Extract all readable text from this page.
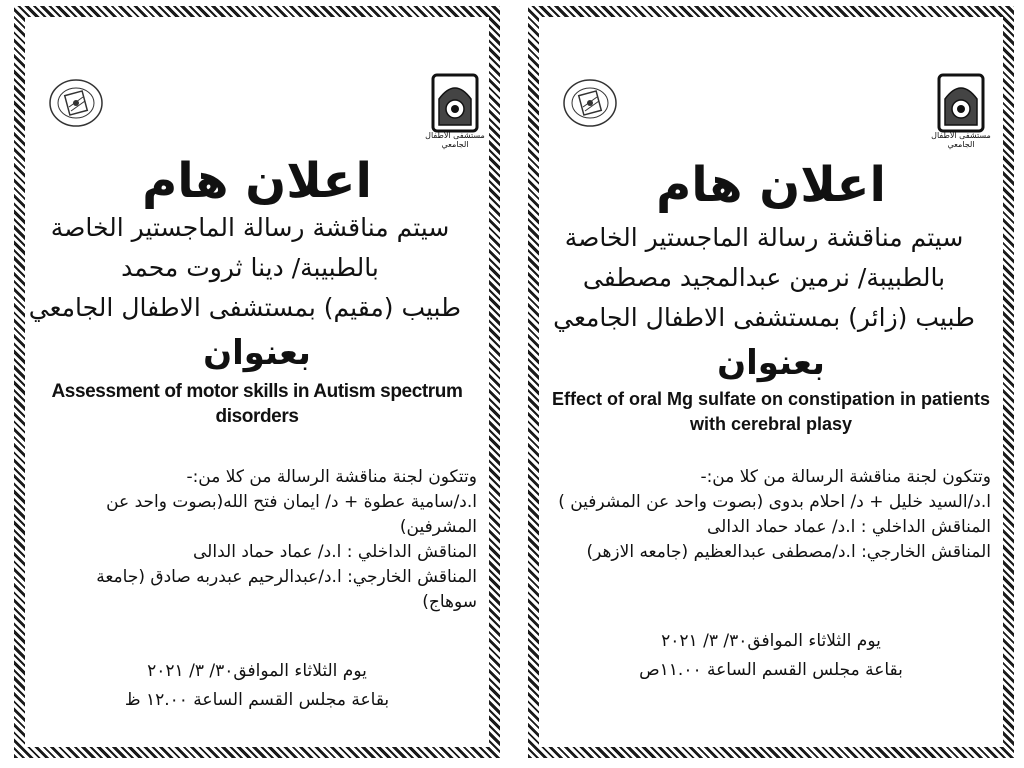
مستشفى الاطفال الجامعي
اعلان هام
سيتم مناقشة رسالة الماجستير الخاصة
بالطبيبة/ دينا ثروت محمد
طبيب (مقيم) بمستشفى الاطفال الجامعي
بعنوان
Assessment of motor skills in Autism spectrum disorders
وتتكون لجنة مناقشة الرسالة من كلا من:-
ا.د/سامية عطوة + د/ ايمان فتح الله(بصوت واحد عن المشرفين)
المناقش الداخلي : ا.د/ عماد حماد الدالى
المناقش الخارجي: ا.د/عبدالرحيم عبدربه صادق (جامعة سوهاج)
يوم الثلاثاء الموافق٣٠/ ٣/ ٢٠٢١
بقاعة مجلس القسم الساعة ١٢.٠٠ ظ
مستشفى الاطفال الجامعي
اعلان هام
سيتم مناقشة رسالة الماجستير الخاصة
بالطبيبة/ نرمين عبدالمجيد مصطفى
طبيب (زائر) بمستشفى الاطفال الجامعي
بعنوان
Effect of oral Mg sulfate on constipation in patients with cerebral plasy
وتتكون لجنة مناقشة الرسالة من كلا من:-
ا.د/السيد خليل + د/ احلام بدوى (بصوت واحد عن المشرفين )
المناقش الداخلي : ا.د/ عماد حماد الدالى
المناقش الخارجي: ا.د/مصطفى عبدالعظيم (جامعه الازهر)
يوم الثلاثاء الموافق٣٠/ ٣/ ٢٠٢١
بقاعة مجلس القسم الساعة ١١.٠٠ص
